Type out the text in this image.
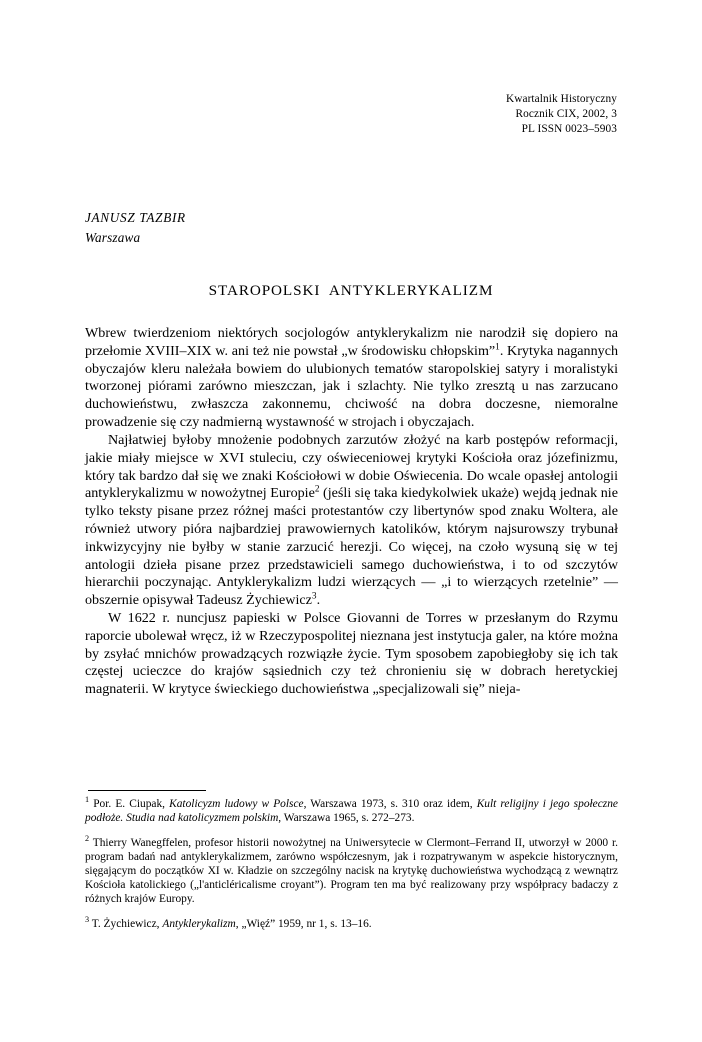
Kwartalnik Historyczny
Rocznik CIX, 2002, 3
PL ISSN 0023–5903
JANUSZ TAZBIR
Warszawa
STAROPOLSKI  ANTYKLERYKALIZM

Wbrew twierdzeniom niektórych socjologów antyklerykalizm nie narodził się dopiero na przełomie XVIII–XIX w. ani też nie powstał „w środowisku chłopskim”$^1$. Krytyka nagannych obyczajów kleru należała bowiem do ulubionych tematów staropolskiej satyry i moralistyki tworzonej piórami zarówno mieszczan, jak i szlachty. Nie tylko zresztą u nas zarzucano duchowieństwu, zwłaszcza zakonnemu, chciwość na dobra doczesne, niemoralne prowadzenie się czy nadmierną wystawność w strojach i obyczajach.

Najłatwiej byłoby mnożenie podobnych zarzutów złożyć na karb postępów reformacji, jakie miały miejsce w XVI stuleciu, czy oświeceniowej krytyki Kościoła oraz józefinizmu, który tak bardzo dał się we znaki Kościołowi w dobie Oświecenia. Do wcale opasłej antologii antyklerykalizmu w nowożytnej Europie$^2$ (jeśli się taka kiedykolwiek ukaże) wejdą jednak nie tylko teksty pisane przez różnej maści protestantów czy libertynów spod znaku Woltera, ale również utwory pióra najbardziej prawowiernych katolików, którym najsurowszy trybunał inkwizycyjny nie byłby w stanie zarzucić herezji. Co więcej, na czoło wysuną się w tej antologii dzieła pisane przez przedstawicieli samego duchowieństwa, i to od szczytów hierarchii poczynając. Antyklerykalizm ludzi wierzących — „i to wierzących rzetelnie” — obszernie opisywał Tadeusz Żychiewicz$^3$.

W 1622 r. nuncjusz papieski w Polsce Giovanni de Torres w przesłanym do Rzymu raporcie ubolewał wręcz, iż w Rzeczypospolitej nieznana jest instytucja galer, na które można by zsyłać mnichów prowadzących rozwiązłe życie. Tym sposobem zapobiegłoby się ich tak częstej ucieczce do krajów sąsiednich czy też chronieniu się w dobrach heretyckiej magnaterii. W krytyce świeckiego duchowieństwa „specjalizowali się” nieja-

$^1$ Por. E. Ciupak, Katolicyzm ludowy w Polsce, Warszawa 1973, s. 310 oraz idem, Kult religijny i jego społeczne podłoże. Studia nad katolicyzmem polskim, Warszawa 1965, s. 272–273.
$^2$ Thierry Wanegffelen, profesor historii nowożytnej na Uniwersytecie w Clermont–Ferrand II, utworzył w 2000 r. program badań nad antyklerykalizmem, zarówno współczesnym, jak i rozpatrywanym w aspekcie historycznym, sięgającym do początków XI w. Kładzie on szczególny nacisk na krytykę duchowieństwa wychodzącą z wewnątrz Kościoła katolickiego („l'anticléricalisme croyant”). Program ten ma być realizowany przy współpracy badaczy z różnych krajów Europy.
$^3$ T. Żychiewicz, Antyklerykalizm, „Więź” 1959, nr 1, s. 13–16.
